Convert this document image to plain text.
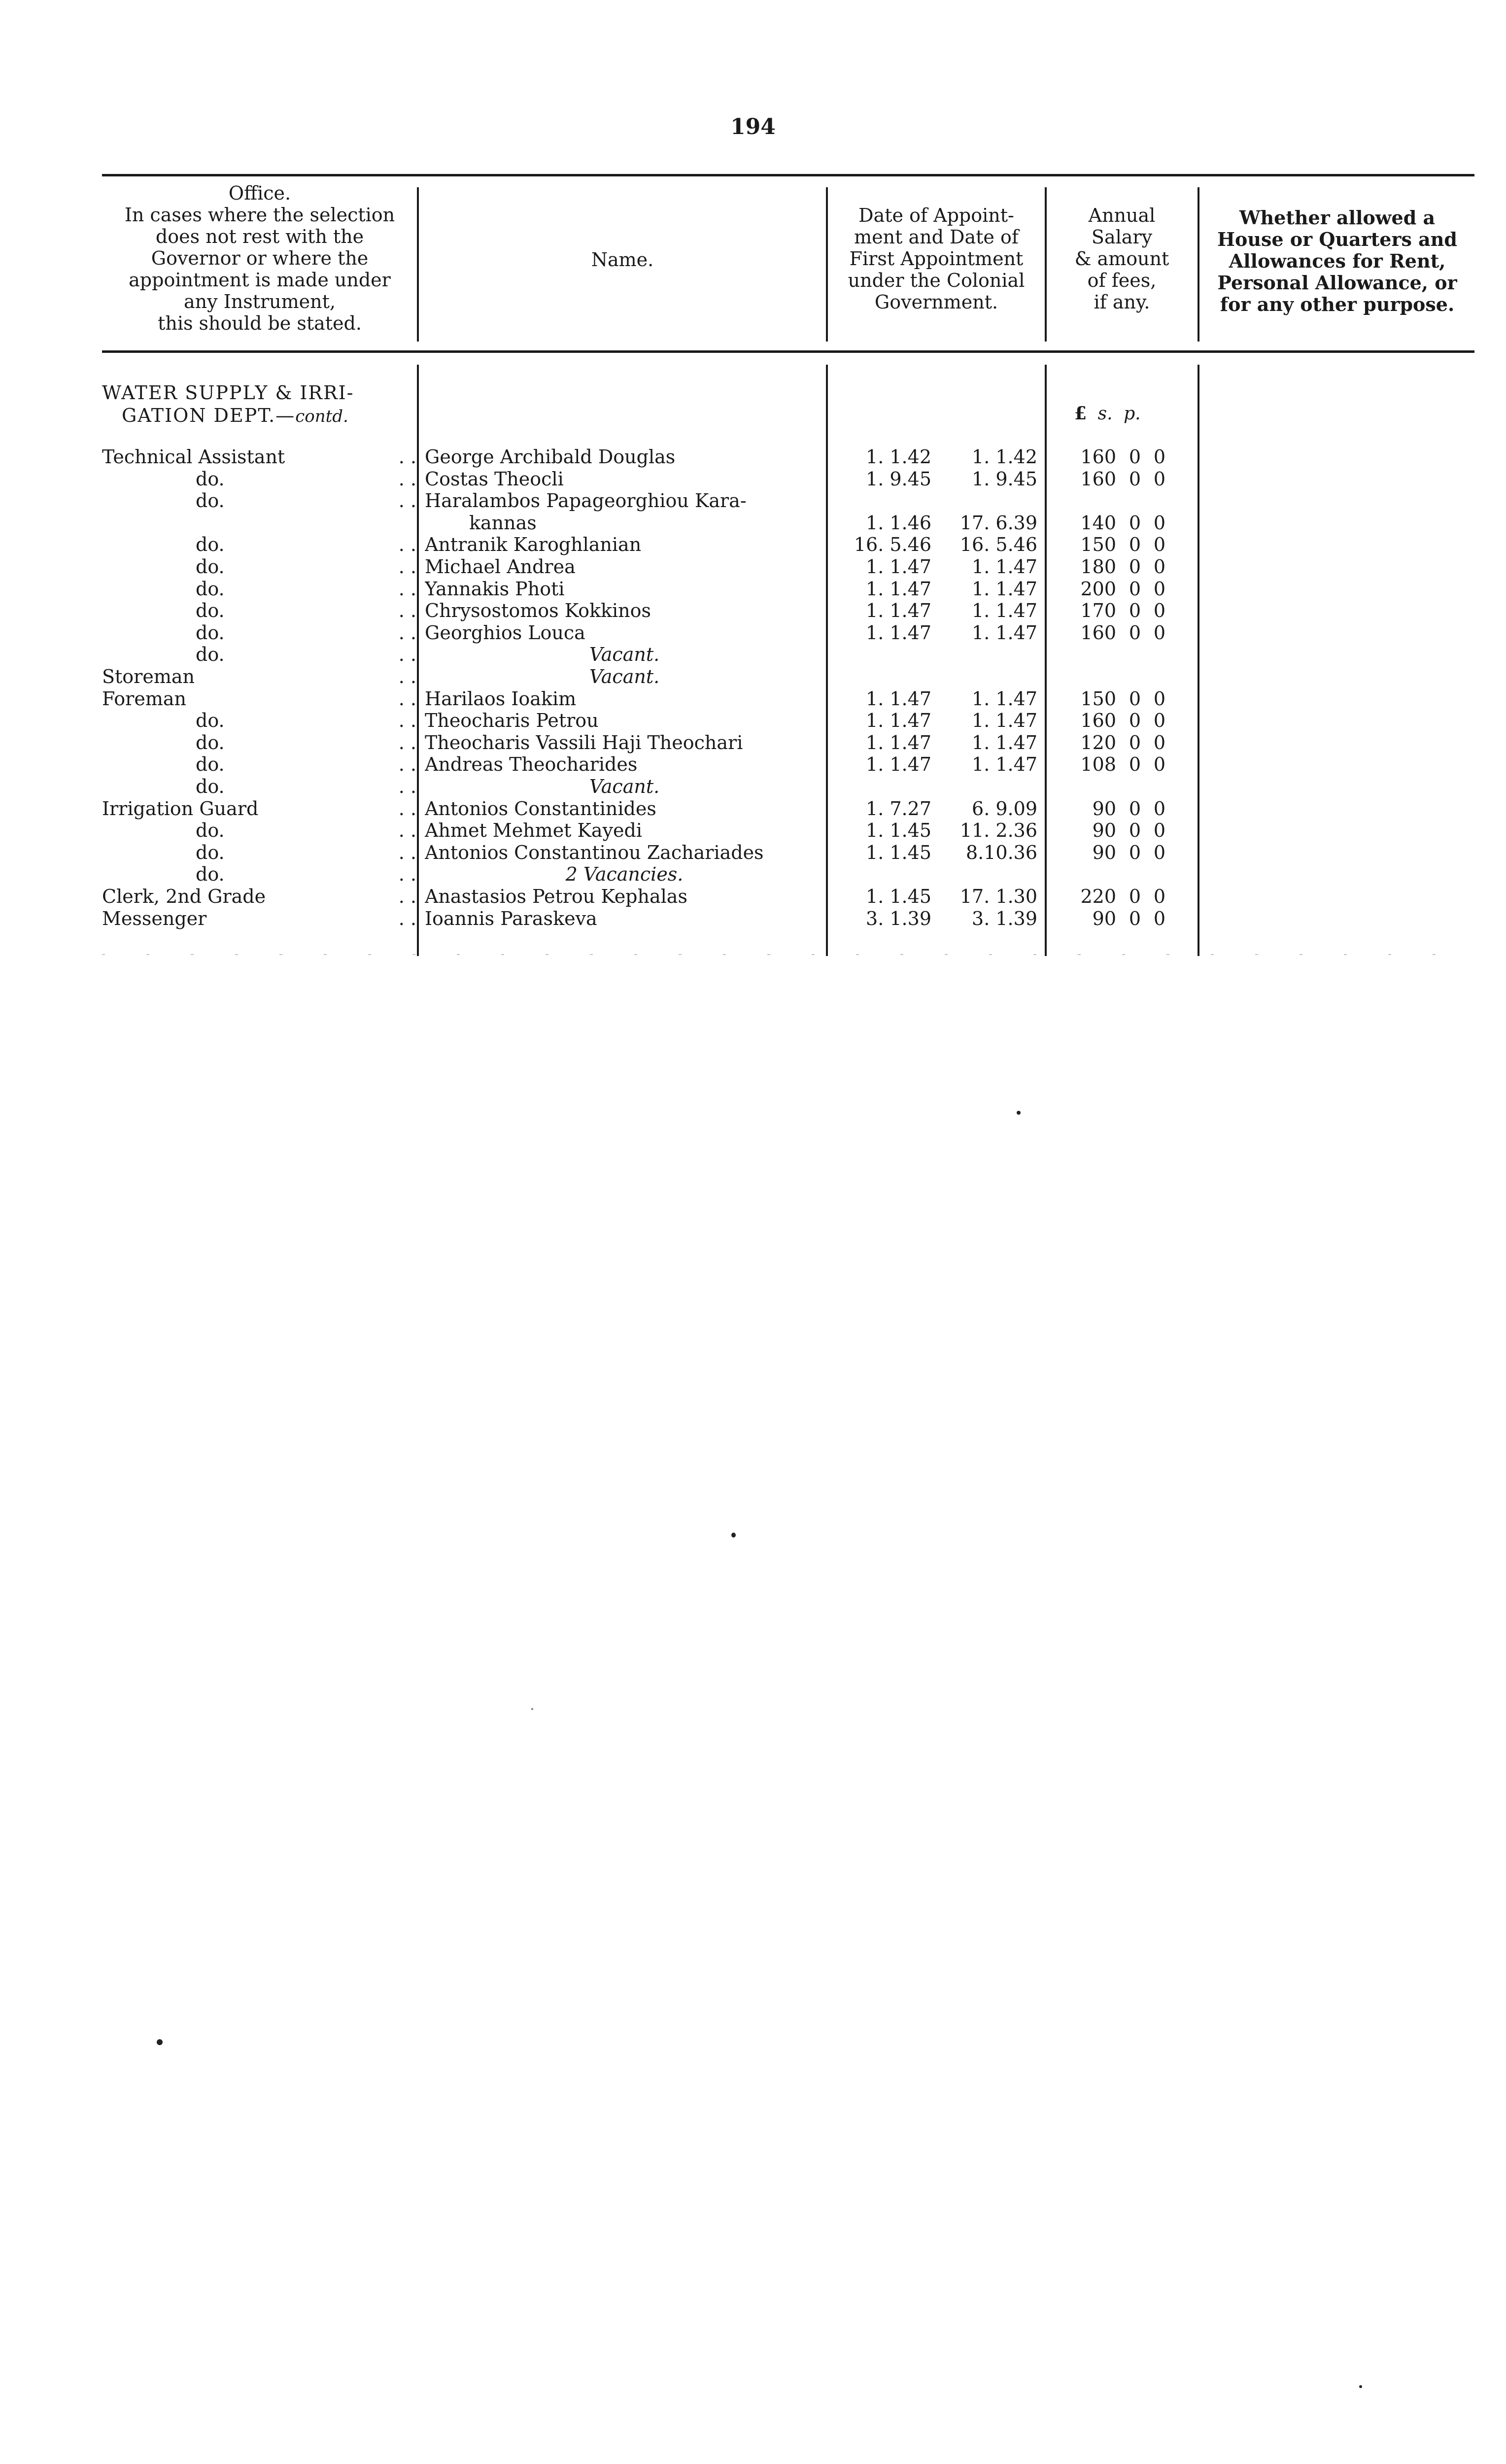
194
Office.
In cases where the selection
does not rest with the
Governor or where the
appointment is made under
any Instrument,
this should be stated.
Name.
Date of Appoint-
ment and Date of
First Appointment
under the Colonial
Government.
Annual
Salary
& amount
of fees,
if any.
Whether allowed a
House or Quarters and
Allowances for Rent,
Personal Allowance, or
for any other purpose.
WATER SUPPLY & IRRI-
GATION DEPT.—contd.	£ s. p.
Technical Assistant	. . George Archibald Douglas	1. 1.42	1. 1.42	160 0 0
do.	. . Costas Theocli	1. 9.45	1. 9.45	160 0 0
do.	. . Haralambos Papageorghiou Kara-
kannas	1. 1.46	17. 6.39	140 0 0
do.	. . Antranik Karoghlanian	16. 5.46	16. 5.46	150 0 0
do.	. . Michael Andrea	1. 1.47	1. 1.47	180 0 0
do.	. . Yannakis Photi	1. 1.47	1. 1.47	200 0 0
do.	. . Chrysostomos Kokkinos	1. 1.47	1. 1.47	170 0 0
do.	. . Georghios Louca	1. 1.47	1. 1.47	160 0 0
do.	. .	Vacant.
Storeman	. .	Vacant.
Foreman	. . Harilaos Ioakim	1. 1.47	1. 1.47	150 0 0
do.	. . Theocharis Petrou	1. 1.47	1. 1.47	160 0 0
do.	. . Theocharis Vassili Haji Theochari	1. 1.47	1. 1.47	120 0 0
do.	. . Andreas Theocharides	1. 1.47	1. 1.47	108 0 0
do.	. .	Vacant.
Irrigation Guard	. . Antonios Constantinides	1. 7.27	6. 9.09	90 0 0
do.	. . Ahmet Mehmet Kayedi	1. 1.45	11. 2.36	90 0 0
do.	. . Antonios Constantinou Zachariades	1. 1.45	8.10.36	90 0 0
do.	. .	2 Vacancies.
Clerk, 2nd Grade	. . Anastasios Petrou Kephalas	1. 1.45	17. 1.30	220 0 0
Messenger	. . Ioannis Paraskeva	3. 1.39	3. 1.39	90 0 0
